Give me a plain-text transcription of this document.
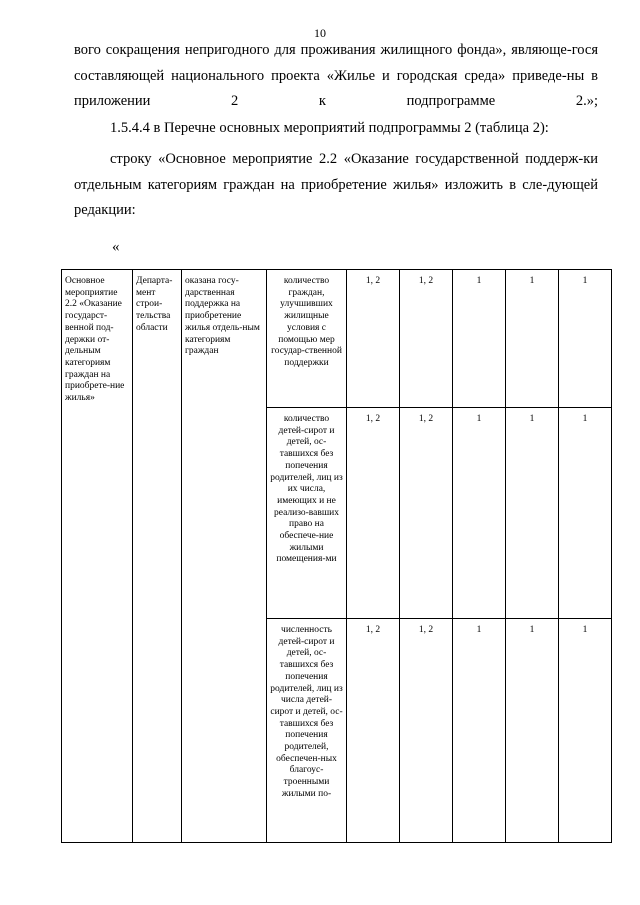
10
вого сокращения непригодного для проживания жилищного фонда», являюще-гося составляющей национального проекта «Жилье и городская среда» приведе-ны в приложении 2 к подпрограмме 2.»;
1.5.4.4 в Перечне основных мероприятий подпрограммы 2 (таблица 2):
строку «Основное мероприятие 2.2 «Оказание государственной поддерж-ки отдельным категориям граждан на приобретение жилья» изложить в сле-дующей редакции:
«
Основное мероприятие 2.2 «Оказание государст-венной под-держки от-дельным категориям граждан на приобрете-ние жилья»	Департа-мент строи-тельства области	оказана госу-дарственная поддержка на приобретение жилья отдель-ным категориям граждан	количество граждан, улучшивших жилищные условия с помощью мер государ-ственной поддержки	1, 2	1, 2	1	1	1
			количество детей-сирот и детей, ос-тавшихся без попечения родителей, лиц из их числа, имеющих и не реализо-вавших право на обеспече-ние жилыми помещения-ми	1, 2	1, 2	1	1	1
			численность детей-сирот и детей, ос-тавшихся без попечения родителей, лиц из числа детей-сирот и детей, ос-тавшихся без попечения родителей, обеспечен-ных благоус-троенными жилыми по-	1, 2	1, 2	1	1	1
